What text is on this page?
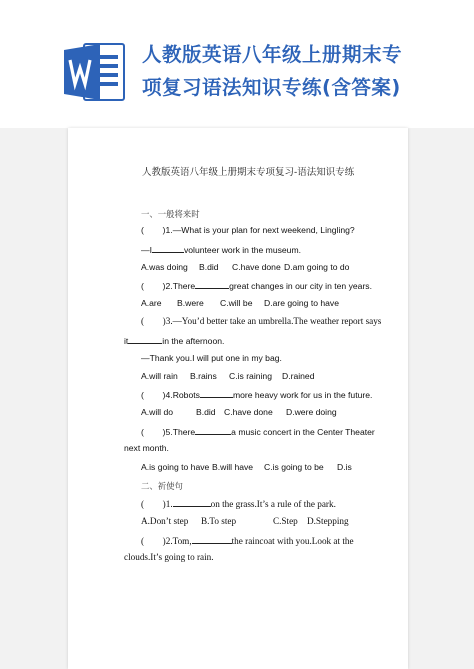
人教版英语八年级上册期末专
项复习语法知识专练(含答案)
人教版英语八年级上册期末专项复习-语法知识专练
一、一般将来时
( )1.—What is your plan for next weekend, Lingling?
—I	volunteer work in the museum.
A.was doing B.did C.have done D.am going to do
( )2.There	great changes in our city in ten years.
A.are B.were C.will be D.are going to have
( )3.—You’d better take an umbrella.The weather report says
it	in the afternoon.
—Thank you.I will put one in my bag.
A.will rain B.rains C.is raining D.rained
( )4.Robots	more heavy work for us in the future.
A.will do	B.did C.have done D.were doing
( )5.There	a music concert in the Center Theater
next month.
A.is going to have B.will have C.is going to be D.is
二、祈使句
( )1.	on the grass.It’s a rule of the park.
A.Don’t step B.To step	C.Step D.Stepping
( )2.Tom,	the raincoat with you.Look at the
clouds.It’s going to rain.
